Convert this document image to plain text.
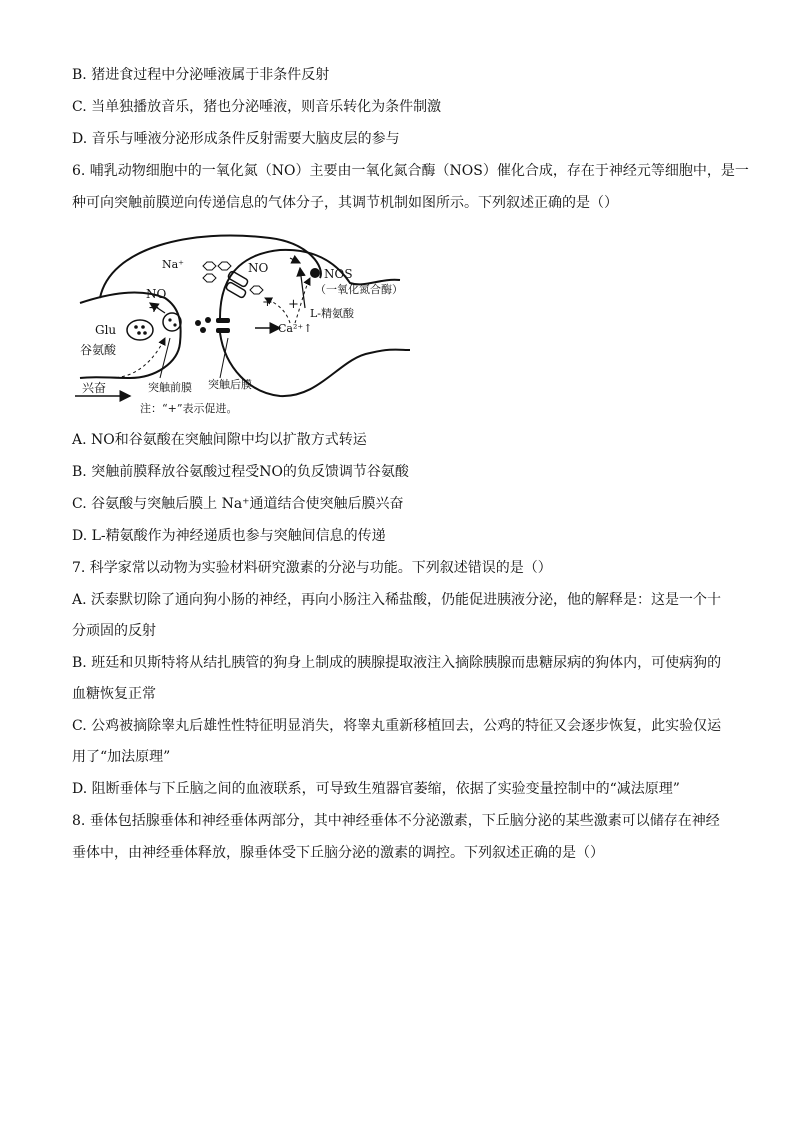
B. 猪进食过程中分泌唾液属于非条件反射
C. 当单独播放音乐，猪也分泌唾液，则音乐转化为条件制激
D. 音乐与唾液分泌形成条件反射需要大脑皮层的参与
6. 哺乳动物细胞中的一氧化氮（NO）主要由一氧化氮合酶（NOS）催化合成，存在于神经元等细胞中，是一
种可向突触前膜逆向传递信息的气体分子，其调节机制如图所示。下列叙述正确的是（）
Na⁺	NO
NO
+
NOS
（一氧化氮合酶）
+ +
Ca²⁺↑
L-精氨酸
Glu
谷氨酸
兴奋	突触前膜 突触后膜
注：“+”表示促进。
A. NO和谷氨酸在突触间隙中均以扩散方式转运
B. 突触前膜释放谷氨酸过程受NO的负反馈调节谷氨酸
C. 谷氨酸与突触后膜上 Na⁺通道结合使突触后膜兴奋
D. L-精氨酸作为神经递质也参与突触间信息的传递
7. 科学家常以动物为实验材料研究激素的分泌与功能。下列叙述错误的是（）
A. 沃泰默切除了通向狗小肠的神经，再向小肠注入稀盐酸，仍能促进胰液分泌，他的解释是：这是一个十
分顽固的反射
B. 班廷和贝斯特将从结扎胰管的狗身上制成的胰腺提取液注入摘除胰腺而患糖尿病的狗体内，可使病狗的
血糖恢复正常
C. 公鸡被摘除睾丸后雄性性特征明显消失，将睾丸重新移植回去，公鸡的特征又会逐步恢复，此实验仅运
用了“加法原理”
D. 阻断垂体与下丘脑之间的血液联系，可导致生殖器官萎缩，依据了实验变量控制中的“减法原理”
8. 垂体包括腺垂体和神经垂体两部分，其中神经垂体不分泌激素，下丘脑分泌的某些激素可以储存在神经
垂体中，由神经垂体释放，腺垂体受下丘脑分泌的激素的调控。下列叙述正确的是（）
